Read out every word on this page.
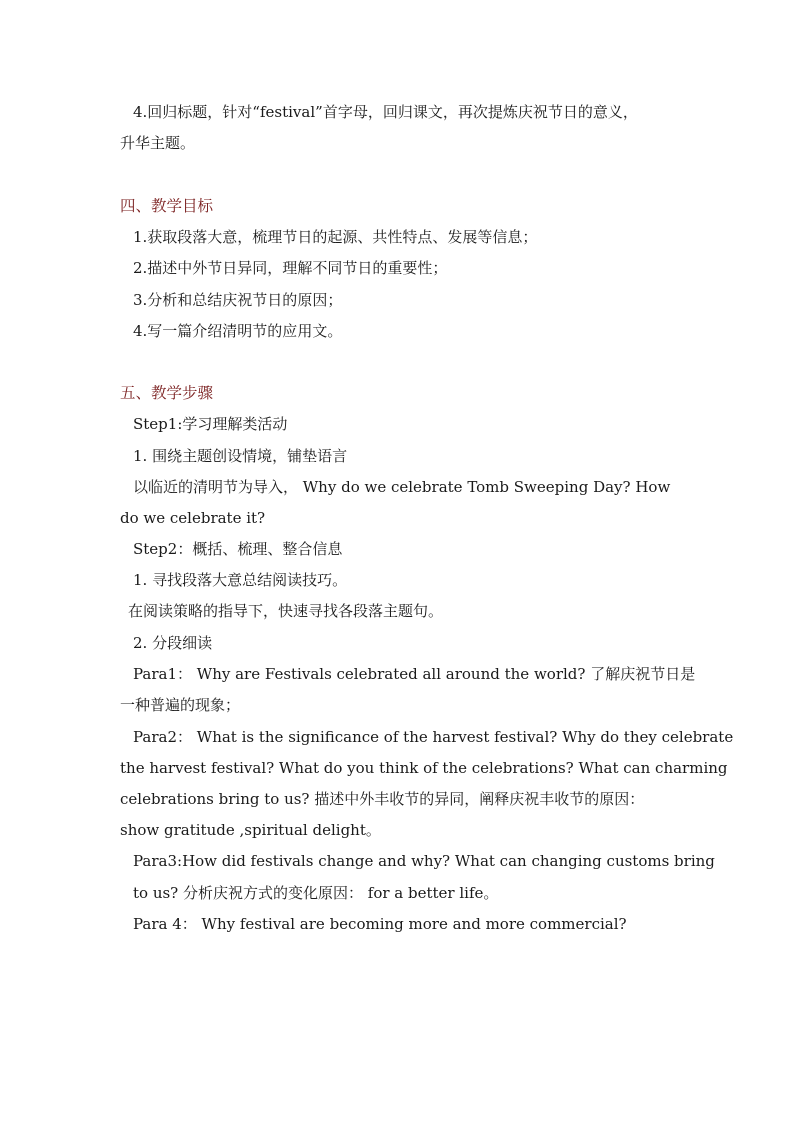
4.回归标题，针对“festival”首字母，回归课文，再次提炼庆祝节日的意义，
升华主题。
四、教学目标
1.获取段落大意，梳理节日的起源、共性特点、发展等信息；
2.描述中外节日异同，理解不同节日的重要性；
3.分析和总结庆祝节日的原因；
4.写一篇介绍清明节的应用文。
五、教学步骤
Step1:学习理解类活动
1. 围绕主题创设情境，铺垫语言
以临近的清明节为导入， Why do we celebrate Tomb Sweeping Day? How
do we celebrate it?
Step2：概括、梳理、整合信息
1. 寻找段落大意总结阅读技巧。
在阅读策略的指导下，快速寻找各段落主题句。
2. 分段细读
Para1： Why are Festivals celebrated all around the world? 了解庆祝节日是
一种普遍的现象；
Para2： What is the significance of the harvest festival? Why do they celebrate
the harvest festival? What do you think of the celebrations? What can charming
celebrations bring to us? 描述中外丰收节的异同，阐释庆祝丰收节的原因：
show gratitude ,spiritual delight。
Para3:How did festivals change and why? What can changing customs bring
to us? 分析庆祝方式的变化原因： for a better life。
Para 4： Why festival are becoming more and more commercial?
